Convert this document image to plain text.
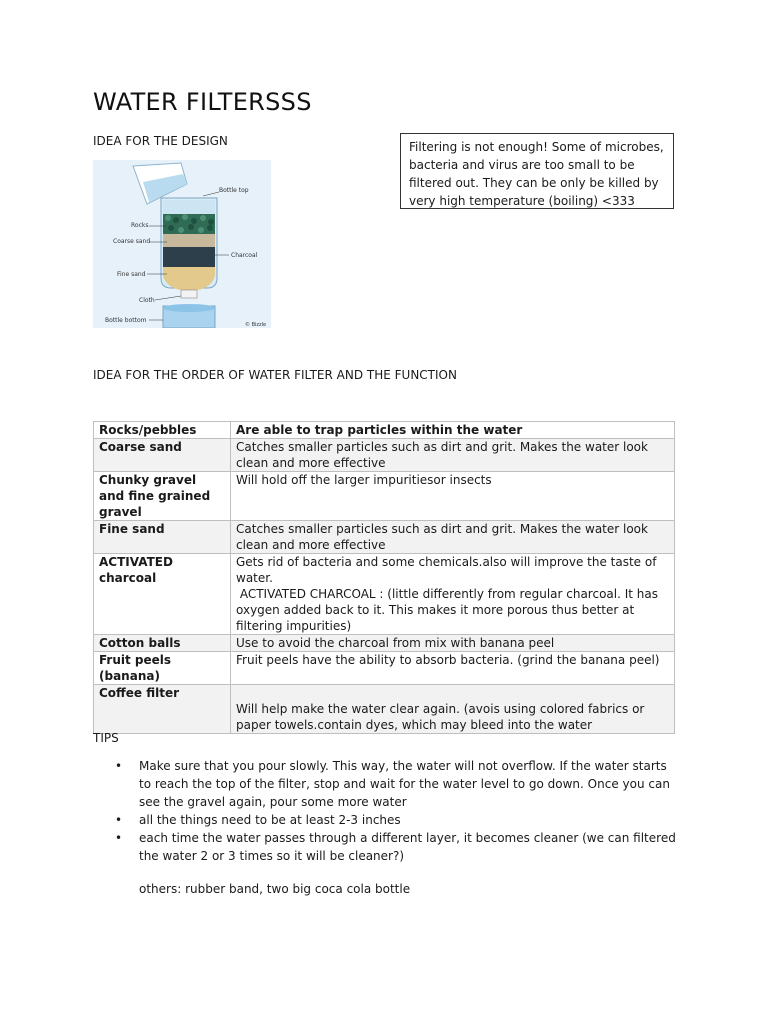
WATER FILTERSSS
IDEA FOR THE DESIGN	Filtering is not enough! Some of microbes, bacteria and virus are too small to be filtered out. They can be only be killed by very high temperature (boiling) <333
Bottle top
Rocks
Coarse sand
Charcoal
Fine sand
Cloth
Bottle bottom
© Bizzle
IDEA FOR THE ORDER OF WATER FILTER AND THE FUNCTION
Rocks/pebbles	Are able to trap particles within the water
Coarse sand	Catches smaller particles such as dirt and grit. Makes the water look clean and more effective
Chunky gravel and fine grained gravel	Will hold off the larger impuritiesor insects
Fine sand	Catches smaller particles such as dirt and grit. Makes the water look clean and more effective
ACTIVATED charcoal	Gets rid of bacteria and some chemicals.also will improve the taste of water.
ACTIVATED CHARCOAL : (little differently from regular charcoal. It has oxygen added back to it. This makes it more porous thus better at filtering impurities)

Cotton balls	Use to avoid the charcoal from mix with banana peel
Fruit peels (banana)	Fruit peels have the ability to absorb bacteria. (grind the banana peel)
Coffee filter	Will help make the water clear again. (avois using colored fabrics or paper towels.contain dyes, which may bleed into the water
TIPS
• Make sure that you pour slowly. This way, the water will not overflow. If the water starts to reach the top of the filter, stop and wait for the water level to go down. Once you can see the gravel again, pour some more water
• all the things need to be at least 2-3 inches
• each time the water passes through a different layer, it becomes cleaner (we can filtered the water 2 or 3 times so it will be cleaner?)
others: rubber band, two big coca cola bottle
